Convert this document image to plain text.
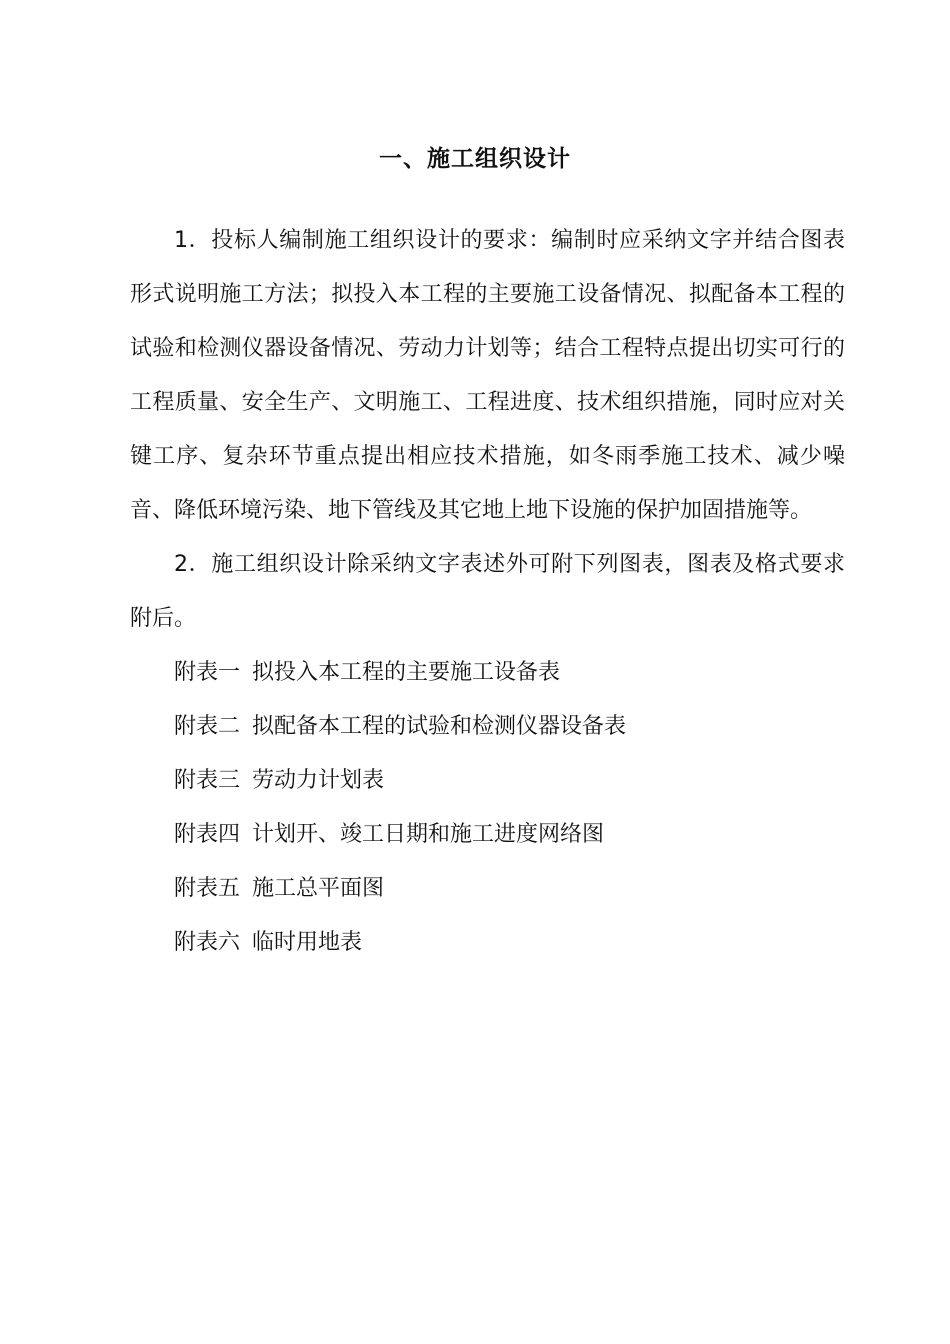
一、施工组织设计

1．投标人编制施工组织设计的要求：编制时应采纳文字并结合图表形式说明施工方法；拟投入本工程的主要施工设备情况、拟配备本工程的试验和检测仪器设备情况、劳动力计划等；结合工程特点提出切实可行的工程质量、安全生产、文明施工、工程进度、技术组织措施，同时应对关键工序、复杂环节重点提出相应技术措施，如冬雨季施工技术、减少噪音、降低环境污染、地下管线及其它地上地下设施的保护加固措施等。

2．施工组织设计除采纳文字表述外可附下列图表，图表及格式要求附后。

附表一 拟投入本工程的主要施工设备表
附表二 拟配备本工程的试验和检测仪器设备表
附表三 劳动力计划表
附表四 计划开、竣工日期和施工进度网络图
附表五 施工总平面图
附表六 临时用地表
